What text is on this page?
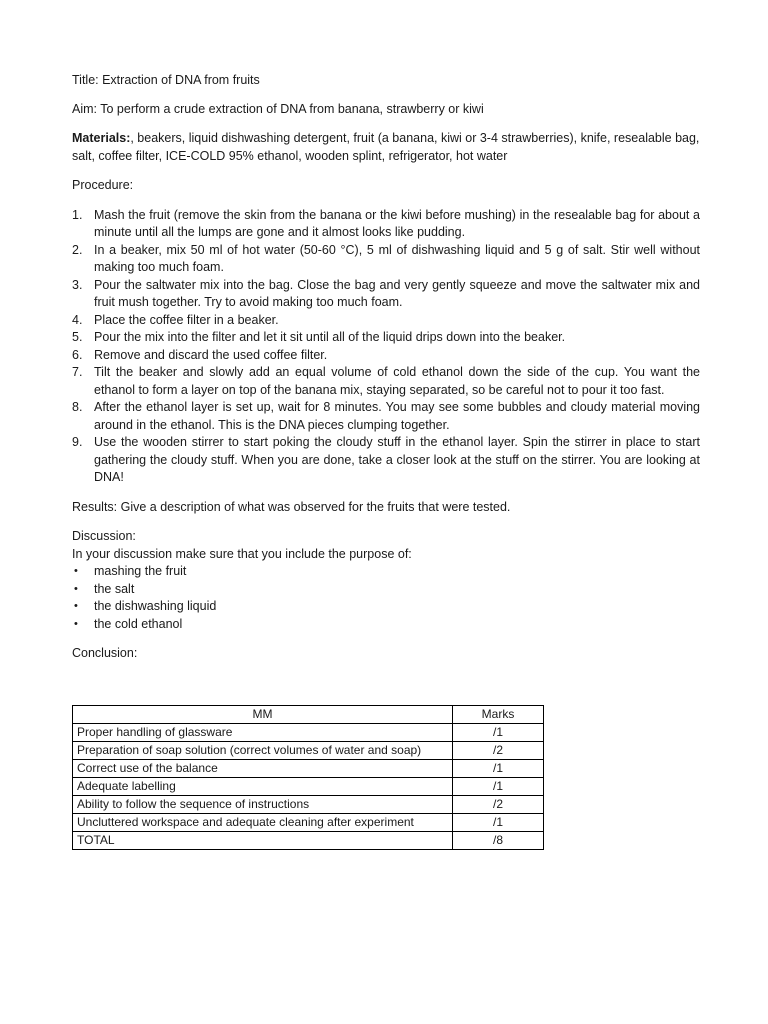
Title: Extraction of DNA from fruits

Aim: To perform a crude extraction of DNA from banana, strawberry or kiwi

Materials:, beakers, liquid dishwashing detergent, fruit (a banana, kiwi or 3-4 strawberries), knife, resealable bag, salt, coffee filter, ICE-COLD 95% ethanol, wooden splint, refrigerator, hot water

Procedure:

1. Mash the fruit (remove the skin from the banana or the kiwi before mushing) in the resealable bag for about a minute until all the lumps are gone and it almost looks like pudding.
2. In a beaker, mix 50 ml of hot water (50-60 °C), 5 ml of dishwashing liquid and 5 g of salt. Stir well without making too much foam.
3. Pour the saltwater mix into the bag. Close the bag and very gently squeeze and move the saltwater mix and fruit mush together. Try to avoid making too much foam.
4. Place the coffee filter in a beaker.
5. Pour the mix into the filter and let it sit until all of the liquid drips down into the beaker.
6. Remove and discard the used coffee filter.
7. Tilt the beaker and slowly add an equal volume of cold ethanol down the side of the cup. You want the ethanol to form a layer on top of the banana mix, staying separated, so be careful not to pour it too fast.
8. After the ethanol layer is set up, wait for 8 minutes. You may see some bubbles and cloudy material moving around in the ethanol. This is the DNA pieces clumping together.
9. Use the wooden stirrer to start poking the cloudy stuff in the ethanol layer. Spin the stirrer in place to start gathering the cloudy stuff. When you are done, take a closer look at the stuff on the stirrer. You are looking at DNA!

Results: Give a description of what was observed for the fruits that were tested.

Discussion:

In your discussion make sure that you include the purpose of:

• mashing the fruit
• the salt
• the dishwashing liquid
• the cold ethanol

Conclusion:

MM	Marks
Proper handling of glassware	/1
Preparation of soap solution (correct volumes of water and soap)	/2
Correct use of the balance	/1
Adequate labelling	/1
Ability to follow the sequence of instructions	/2
Uncluttered workspace and adequate cleaning after experiment	/1
TOTAL	/8
